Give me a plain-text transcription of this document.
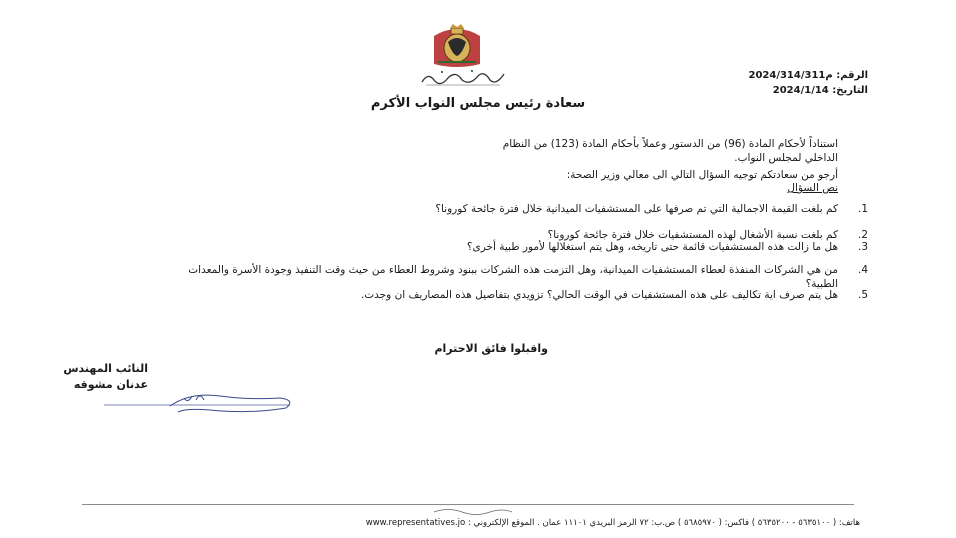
الرقم: م2024/314/311
التاريخ: 2024/1/14
سعادة رئيس مجلس النواب الأكرم
استناداً لأحكام المادة (96) من الدستور وعملاً بأحكام المادة (123) من النظام
الداخلي لمجلس النواب.
أرجو من سعادتكم توجيه السؤال التالي الى معالي وزير الصحة:
نص السؤال
1.
كم بلغت القيمة الاجمالية التي تم صرفها على المستشفيات الميدانية خلال فترة جائحة كورونا؟
2.
كم بلغت نسبة الأشغال لهذه المستشفيات خلال فترة جائحة كورونا؟
3.
هل ما زالت هذه المستشفيات قائمة حتى تاريخه، وهل يتم استغلالها لأمور طبية أخرى؟
4.
من هي الشركات المنفذة لعطاء المستشفيات الميدانية، وهل التزمت هذه الشركات ببنود وشروط العطاء من حيث وقت التنفيذ وجودة الأسرة والمعدات الطبية؟
5.
هل يتم صرف اية تكاليف على هذه المستشفيات في الوقت الحالي؟ تزويدي بتفاصيل هذه المصاريف ان وجدت.
واقبلوا فائق الاحترام
النائب المهندس
عدنان مشوقه
هاتف: ( ٥٦٣٥١٠٠ - ٥٦٣٥٢٠٠ ) فاكس: ( ٥٦٨٥٩٧٠ ) ص.ب: ٧٢ الرمز البريدي ١١١٠١ عمان . الموقع الإلكتروني : www.representatives.jo
